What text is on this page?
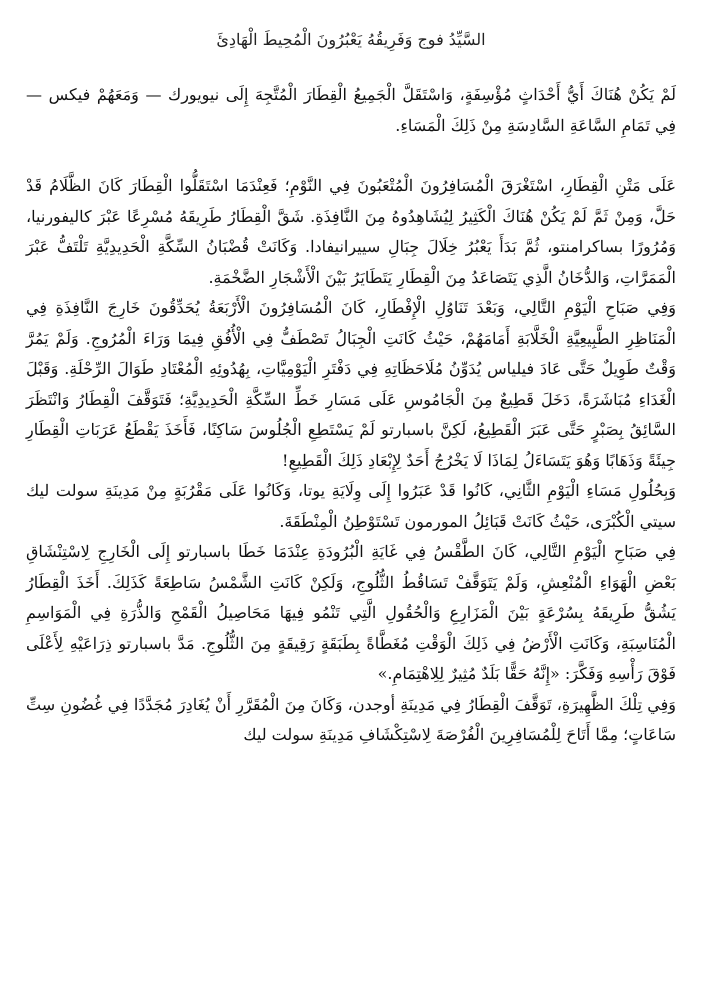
السَّيِّدُ فوج وَفَرِيقُهُ يَعْبُرُونَ الْمُحِيطَ الْهَادِئَ

لَمْ يَكُنْ هُنَاكَ أَيُّ أَحْدَاثٍ مُؤْسِفَةٍ، وَاسْتَقَلَّ الْجَمِيعُ الْقِطَارَ الْمُتَّجِهَ إِلَى نيويورك — وَمَعَهُمْ فيكس — فِي تَمَامِ السَّاعَةِ السَّادِسَةِ مِنْ ذَلِكَ الْمَسَاءِ.

عَلَى مَتْنِ الْقِطَارِ، اسْتَغْرَقَ الْمُسَافِرُونَ الْمُتْعَبُونَ فِي النَّوْمِ؛ فَعِنْدَمَا اسْتَقَلُّوا الْقِطَارَ كَانَ الظَّلَامُ قَدْ حَلَّ، وَمِنْ ثَمَّ لَمْ يَكُنْ هُنَاكَ الْكَثِيرُ لِيُشَاهِدُوهُ مِنَ النَّافِذَةِ. شَقَّ الْقِطَارُ طَرِيقَهُ مُسْرِعًا عَبْرَ كاليفورنيا، وَمُرُورًا بساكرامنتو، ثُمَّ بَدَأَ يَعْبُرُ خِلَالَ جِبَالِ سييرانيفادا. وَكَانَتْ قُضْبَانُ السِّكَّةِ الْحَدِيدِيَّةِ تَلْتَفُّ عَبْرَ الْمَمَرَّاتِ، وَالدُّخَانُ الَّذِي يَتَصَاعَدُ مِنَ الْقِطَارِ يَتَطَايَرُ بَيْنَ الْأَشْجَارِ الضَّخْمَةِ.

وَفِي صَبَاحِ الْيَوْمِ التَّالِي، وَبَعْدَ تَنَاوُلِ الْإِفْطَارِ، كَانَ الْمُسَافِرُونَ الْأَرْبَعَةُ يُحَدِّقُونَ خَارِجَ النَّافِذَةِ فِي الْمَنَاظِرِ الطَّبِيعِيَّةِ الْخَلَّابَةِ أَمَامَهُمْ، حَيْثُ كَانَتِ الْجِبَالُ تَصْطَفُّ فِي الْأُفُقِ فِيمَا وَرَاءَ الْمُرُوجِ. وَلَمْ يَمُرَّ وَقْتٌ طَوِيلٌ حَتَّى عَادَ فيلياس يُدَوِّنُ مُلَاحَظَاتِهِ فِي دَفْتَرِ الْيَوْمِيَّاتِ، بِهُدُوئِهِ الْمُعْتَادِ طَوَالَ الرِّحْلَةِ. وَقَبْلَ الْغَدَاءِ مُبَاشَرَةً، دَخَلَ قَطِيعٌ مِنَ الْجَامُوسِ عَلَى مَسَارِ خَطِّ السِّكَّةِ الْحَدِيدِيَّةِ؛ فَتَوَقَّفَ الْقِطَارُ وَانْتَظَرَ السَّائِقُ بِصَبْرٍ حَتَّى عَبَرَ الْقَطِيعُ، لَكِنَّ باسبارتو لَمْ يَسْتَطِعِ الْجُلُوسَ سَاكِنًا، فَأَخَذَ يَقْطَعُ عَرَبَاتِ الْقِطَارِ جِيئَةً وَذَهَابًا وَهُوَ يَتَسَاءَلُ لِمَاذَا لَا يَخْرُجُ أَحَدٌ لِإِبْعَادِ ذَلِكَ الْقَطِيعِ!

وَبِحُلُولِ مَسَاءِ الْيَوْمِ الثَّانِي، كَانُوا قَدْ عَبَرُوا إِلَى وِلَايَةِ يوتا، وَكَانُوا عَلَى مَقْرُبَةٍ مِنْ مَدِينَةِ سولت ليك سيتي الْكُبْرَى، حَيْثُ كَانَتْ قَبَائِلُ المورمون تَسْتَوْطِنُ الْمِنْطَقَةَ.

فِي صَبَاحِ الْيَوْمِ التَّالِي، كَانَ الطَّقْسُ فِي غَايَةِ الْبُرُودَةِ عِنْدَمَا خَطَا باسبارتو إِلَى الْخَارِجِ لِاسْتِنْشَاقِ بَعْضِ الْهَوَاءِ الْمُنْعِشِ، وَلَمْ يَتَوَقَّفْ تَسَاقُطُ الثُّلُوجِ، وَلَكِنْ كَانَتِ الشَّمْسُ سَاطِعَةً كَذَلِكَ. أَخَذَ الْقِطَارُ يَشُقُّ طَرِيقَهُ بِسُرْعَةٍ بَيْنَ الْمَزَارِعِ وَالْحُقُولِ الَّتِي تَنْمُو فِيهَا مَحَاصِيلُ الْقَمْحِ وَالذُّرَةِ فِي الْمَوَاسِمِ الْمُنَاسِبَةِ، وَكَانَتِ الْأَرْضُ فِي ذَلِكَ الْوَقْتِ مُغَطَّاةً بِطَبَقَةٍ رَقِيقَةٍ مِنَ الثُّلُوجِ. مَدَّ باسبارتو ذِرَاعَيْهِ لِأَعْلَى فَوْقَ رَأْسِهِ وَفَكَّرَ: «إِنَّهُ حَقًّا بَلَدٌ مُثِيرٌ لِلِاهْتِمَامِ.»

وَفِي تِلْكَ الظَّهِيرَةِ، تَوَقَّفَ الْقِطَارُ فِي مَدِينَةِ أوجدن، وَكَانَ مِنَ الْمُقَرَّرِ أَنْ يُغَادِرَ مُجَدَّدًا فِي غُضُونِ سِتِّ سَاعَاتٍ؛ مِمَّا أَتَاحَ لِلْمُسَافِرِينَ الْفُرْصَةَ لِاسْتِكْشَافِ مَدِينَةِ سولت ليك
